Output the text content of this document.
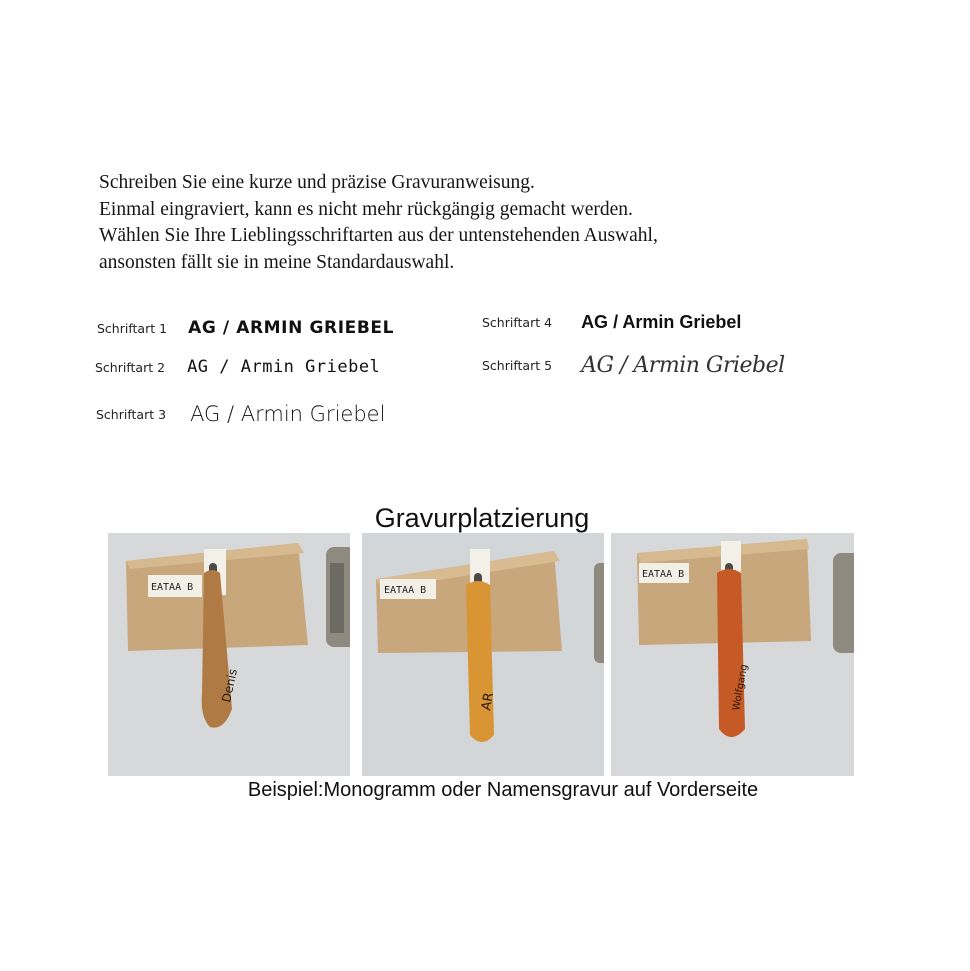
Schreiben Sie eine kurze und präzise Gravuranweisung.
Einmal eingraviert, kann es nicht mehr rückgängig gemacht werden.
Wählen Sie Ihre Lieblingsschriftarten aus der untenstehenden Auswahl,
ansonsten fällt sie in meine Standardauswahl.
Schriftart 1 AG / ARMIN GRIEBEL
Schriftart 2 AG / Armin Griebel
Schriftart 3 AG / Armin Griebel
Schriftart 4 AG / Armin Griebel
Schriftart 5 AG / Armin Griebel
Gravurplatzierung
EATAA B
Denis
EATAA B
AR
EATAA B
Wolfgang
Beispiel:Monogramm oder Namensgravur auf Vorderseite
